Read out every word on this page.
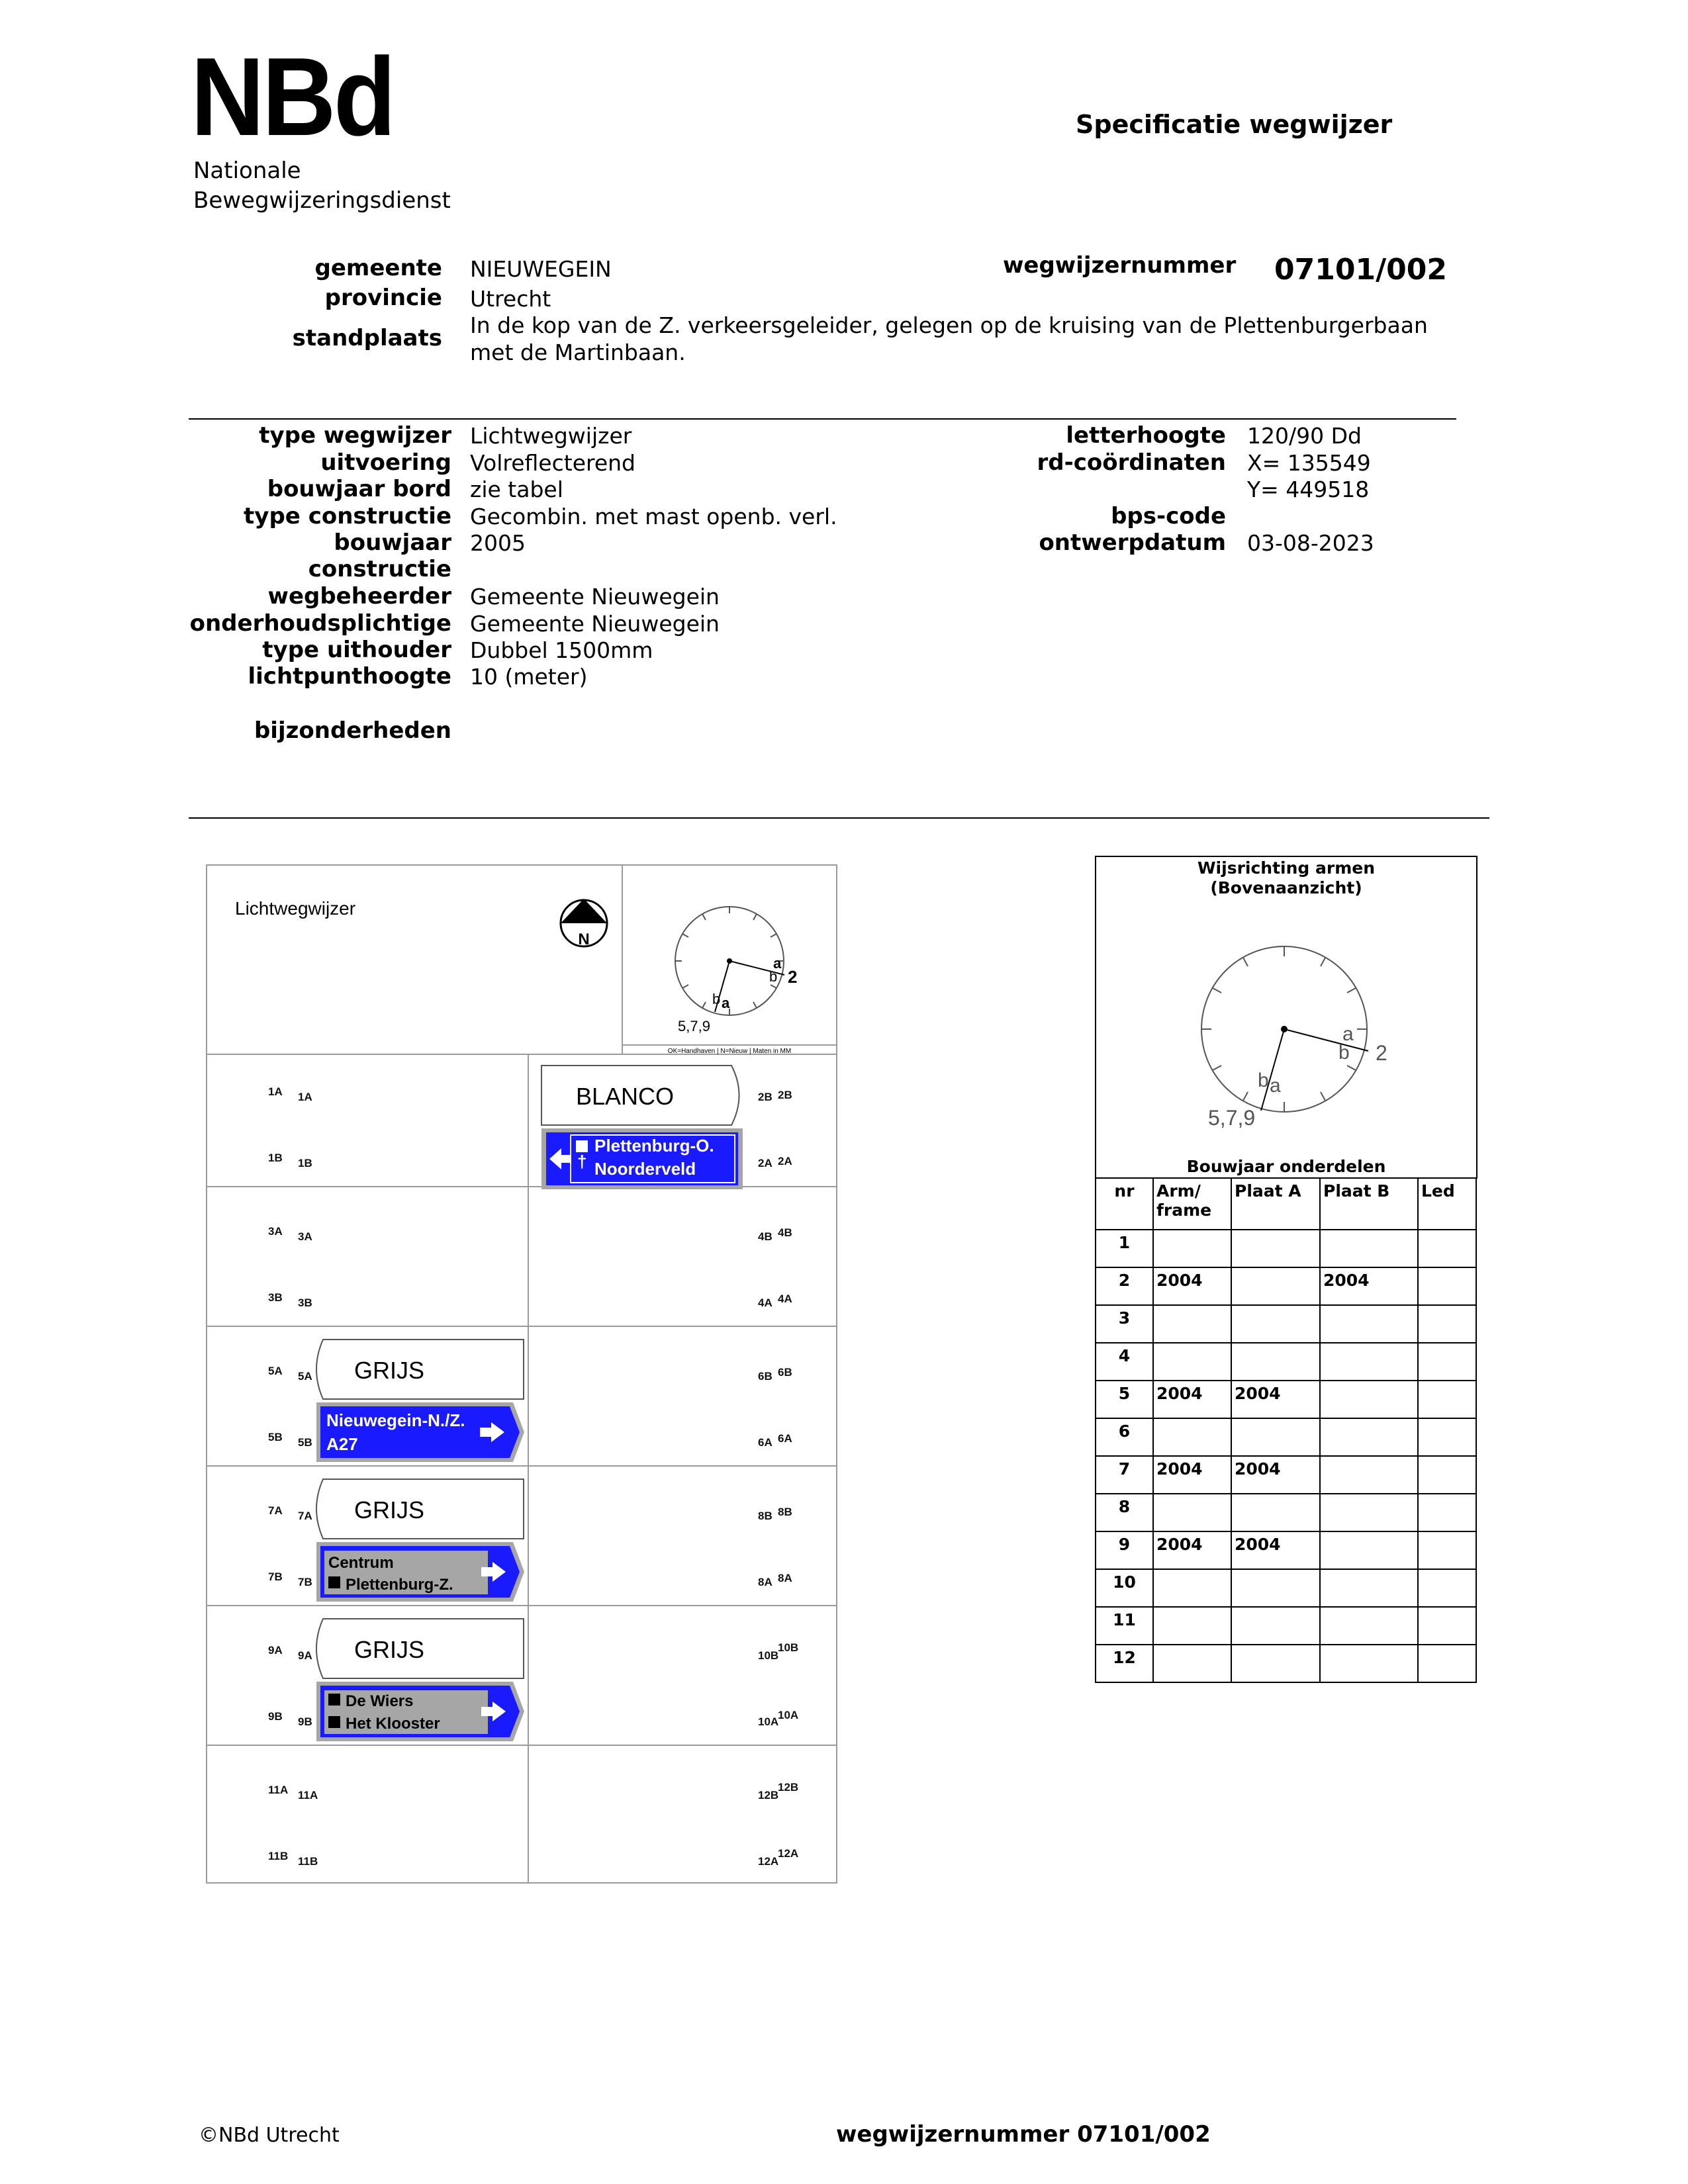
NBd
Nationale
Bewegwijzeringsdienst
Specificatie wegwijzer
gemeente NIEUWEGEIN
provincie Utrecht
standplaats In de kop van de Z. verkeersgeleider, gelegen op de kruising van de Plettenburgerbaan
met de Martinbaan.
wegwijzernummer 07101/002
type wegwijzer Lichtwegwijzer
uitvoering Volreflecterend
bouwjaar bord zie tabel
type constructie Gecombin. met mast openb. verl.
bouwjaar
constructie
2005
wegbeheerder Gemeente Nieuwegein
onderhoudsplichtige Gemeente Nieuwegein
type uithouder Dubbel 1500mm
lichtpunthoogte 10 (meter)
bijzonderheden
letterhoogte 120/90 Dd
rd-coördinaten X= 135549
Y= 449518
bps-code
ontwerpdatum 03-08-2023
Lichtwegwijzer
N
a
b 2
b a
5,7,9
OK=Handhaven | N=Nieuw | Maten in MM
1A 1A
1B 1B
3A 3A
3B 3B
5A 5A
5B 5B
7A 7A
7B 7B
9A 9A
9B 9B
11A 11A
11B 11B
2B 2B
2A 2A
4B 4B
4A 4A
6B 6B
6A 6A
8B 8B
8A 8A
10B
10B
10A
10A
12B
12B
12A
12A
BLANCO
†
Plettenburg-O.
Noorderveld
GRIJS
Nieuwegein-N./Z.
A27
GRIJS
Centrum
Plettenburg-Z.
GRIJS
De Wiers
Het Klooster
Wijsrichting armen
(Bovenaanzicht)
a
b 2
b a
5,7,9
Bouwjaar onderdelen
nr	Arm/ frame	Plaat A	Plaat B	Led
1				
2	2004		2004	
3				
4				
5	2004	2004		
6				
7	2004	2004		
8				
9	2004	2004		
10				
11				
12				
©NBd Utrecht	wegwijzernummer 07101/002
